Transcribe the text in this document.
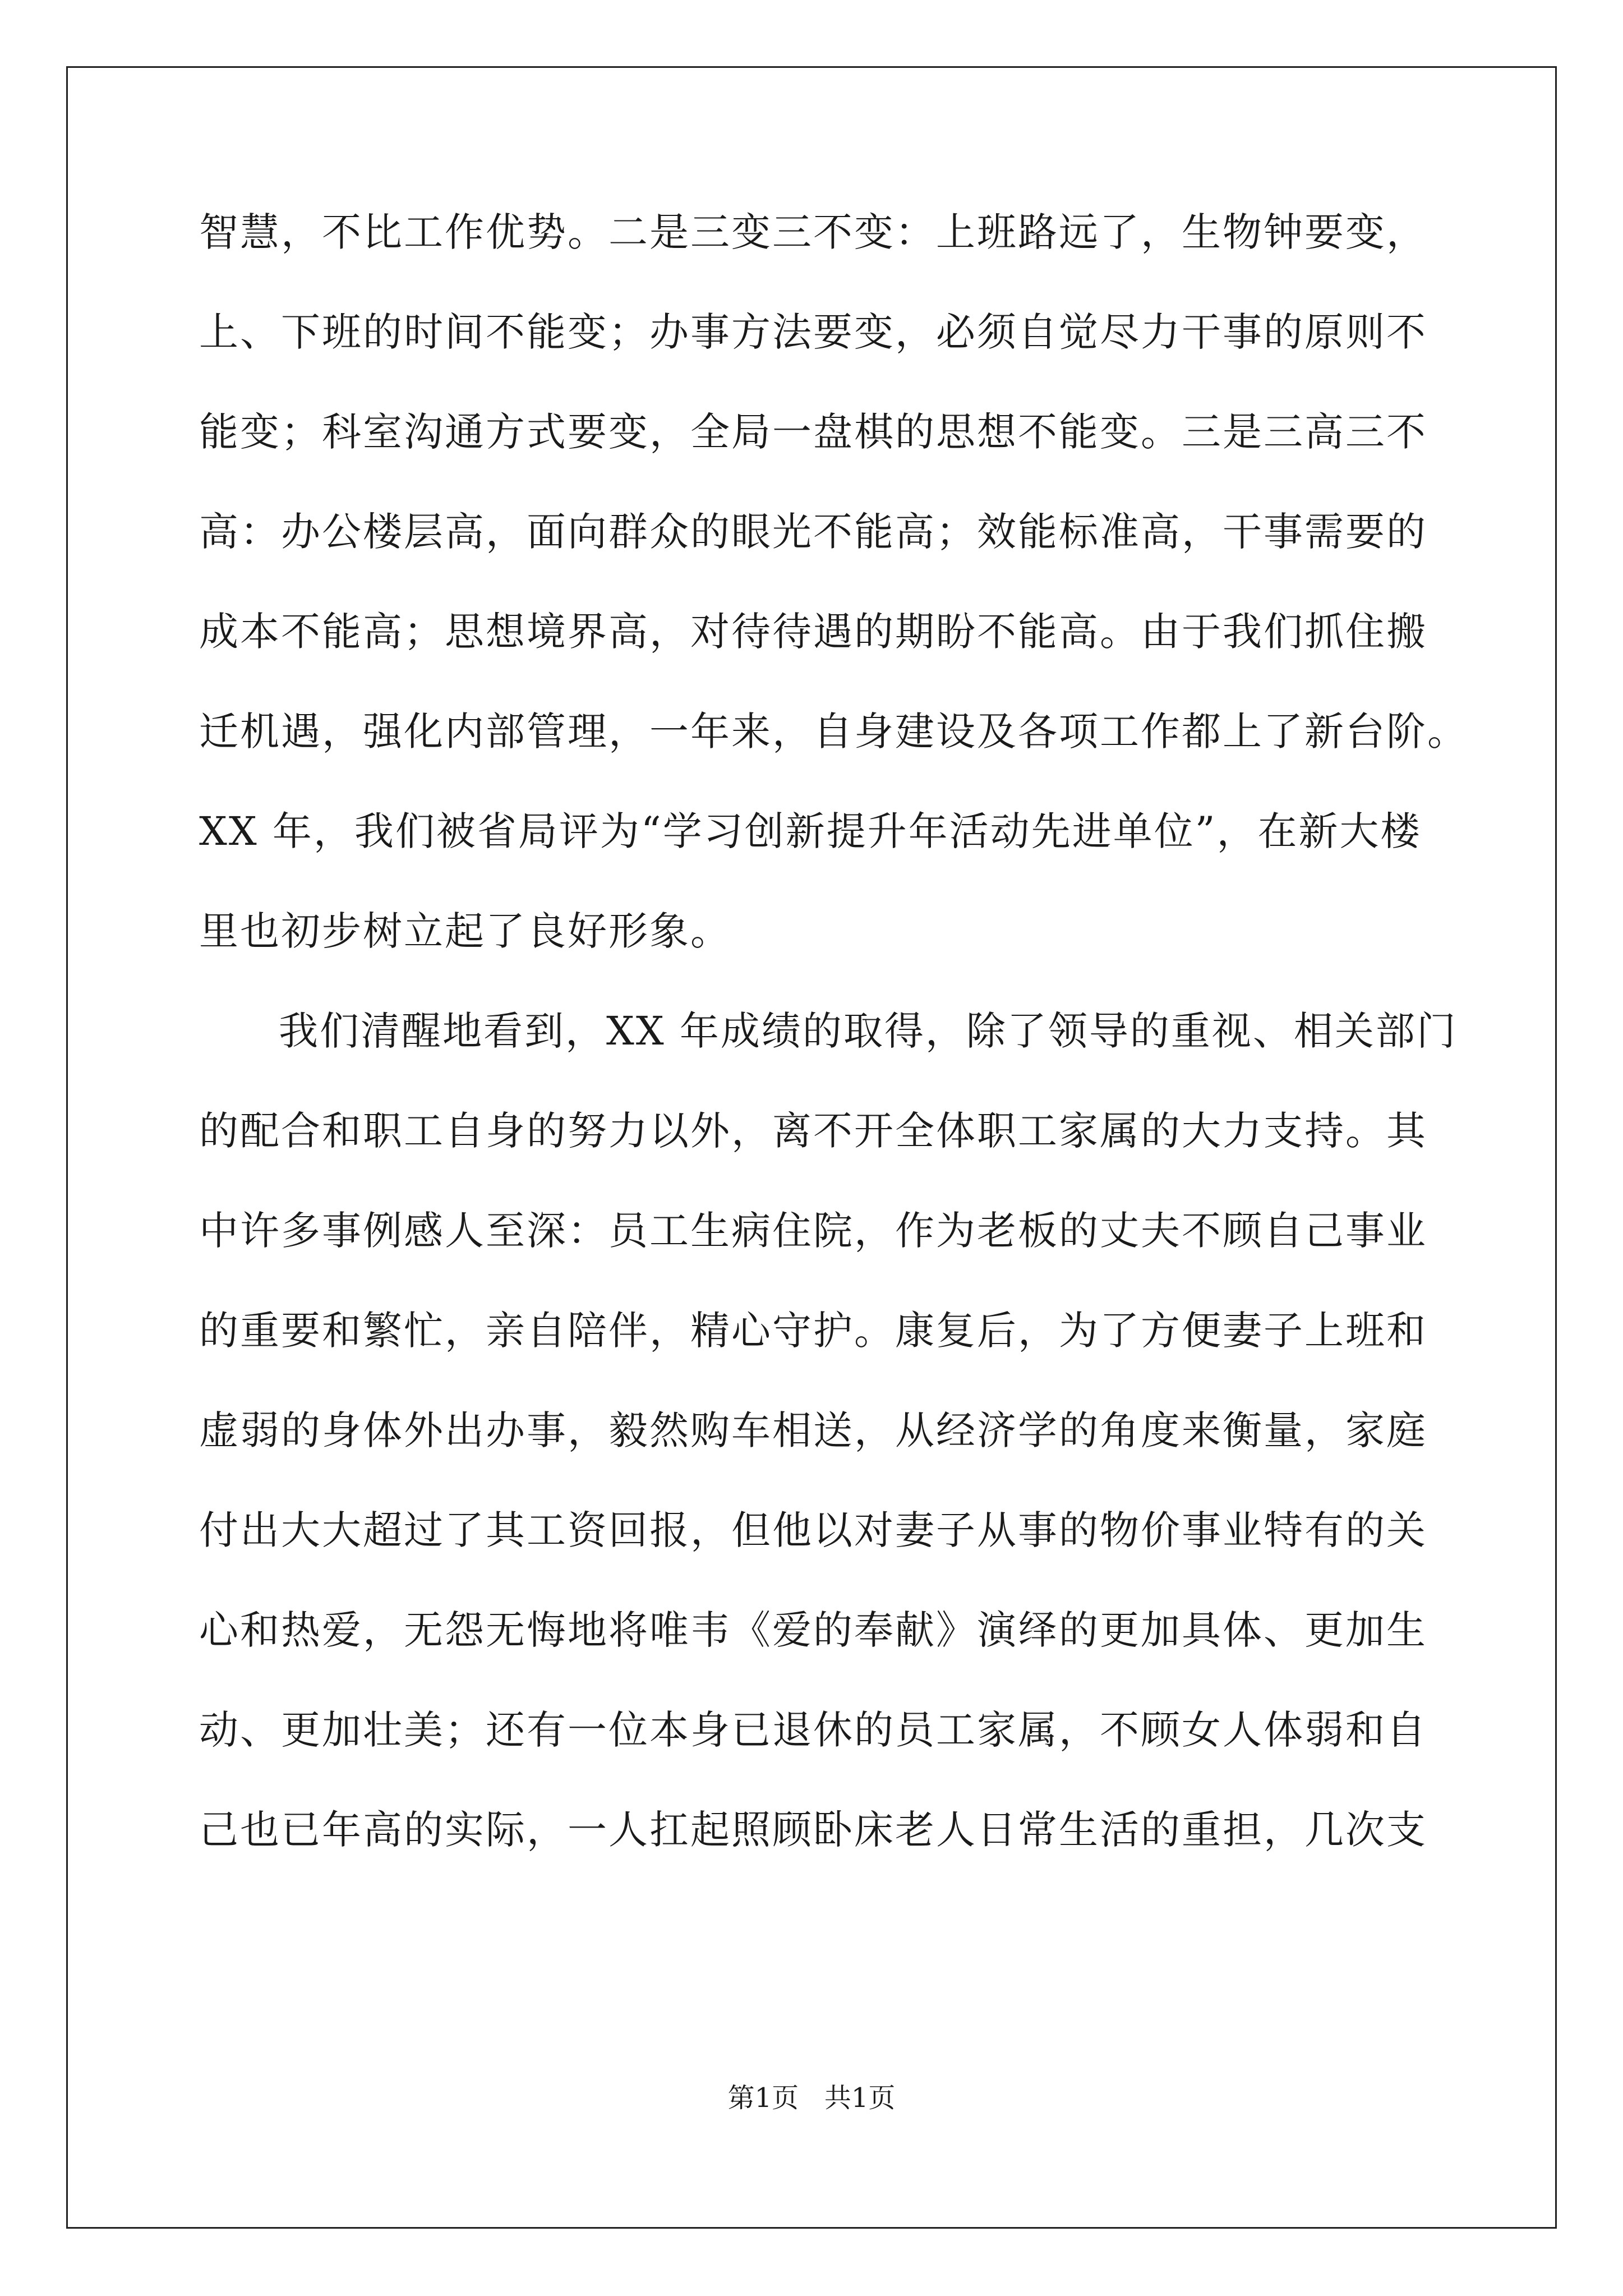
智慧，不比工作优势。二是三变三不变：上班路远了，生物钟要变，
上、下班的时间不能变；办事方法要变，必须自觉尽力干事的原则不
能变；科室沟通方式要变，全局一盘棋的思想不能变。三是三高三不
高：办公楼层高，面向群众的眼光不能高；效能标准高，干事需要的
成本不能高；思想境界高，对待待遇的期盼不能高。由于我们抓住搬
迁机遇，强化内部管理，一年来，自身建设及各项工作都上了新台阶。
XX 年，我们被省局评为“学习创新提升年活动先进单位”，在新大楼
里也初步树立起了良好形象。
我们清醒地看到，XX 年成绩的取得，除了领导的重视、相关部门
的配合和职工自身的努力以外，离不开全体职工家属的大力支持。其
中许多事例感人至深：员工生病住院，作为老板的丈夫不顾自己事业
的重要和繁忙，亲自陪伴，精心守护。康复后，为了方便妻子上班和
虚弱的身体外出办事，毅然购车相送，从经济学的角度来衡量，家庭
付出大大超过了其工资回报，但他以对妻子从事的物价事业特有的关
心和热爱，无怨无悔地将唯韦《爱的奉献》演绎的更加具体、更加生
动、更加壮美；还有一位本身已退休的员工家属，不顾女人体弱和自
己也已年高的实际，一人扛起照顾卧床老人日常生活的重担，几次支
第1页 共1页
